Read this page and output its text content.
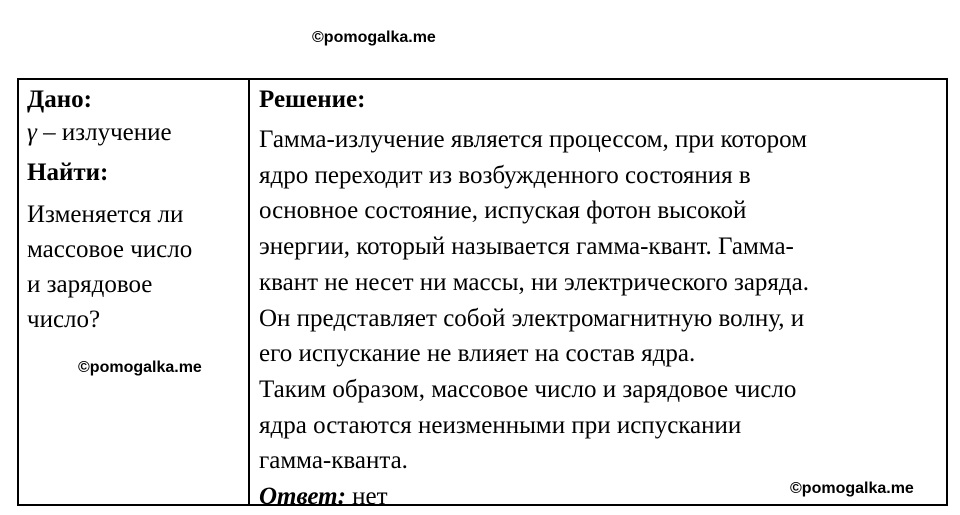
©pomogalka.me
Дано:
γ – излучение
Найти:
Изменяется ли
массовое число
и зарядовое
число?
Решение:

Гамма-излучение является процессом, при котором

ядро переходит из возбужденного состояния в

основное состояние, испуская фотон высокой

энергии, который называется гамма-квант. Гамма-

квант не несет ни массы, ни электрического заряда.

Он представляет собой электромагнитную волну, и

его испускание не влияет на состав ядра.

Таким образом, массовое число и зарядовое число

ядра остаются неизменными при испускании

гамма-кванта.

Ответ: нет

©pomogalka.me
©pomogalka.me
